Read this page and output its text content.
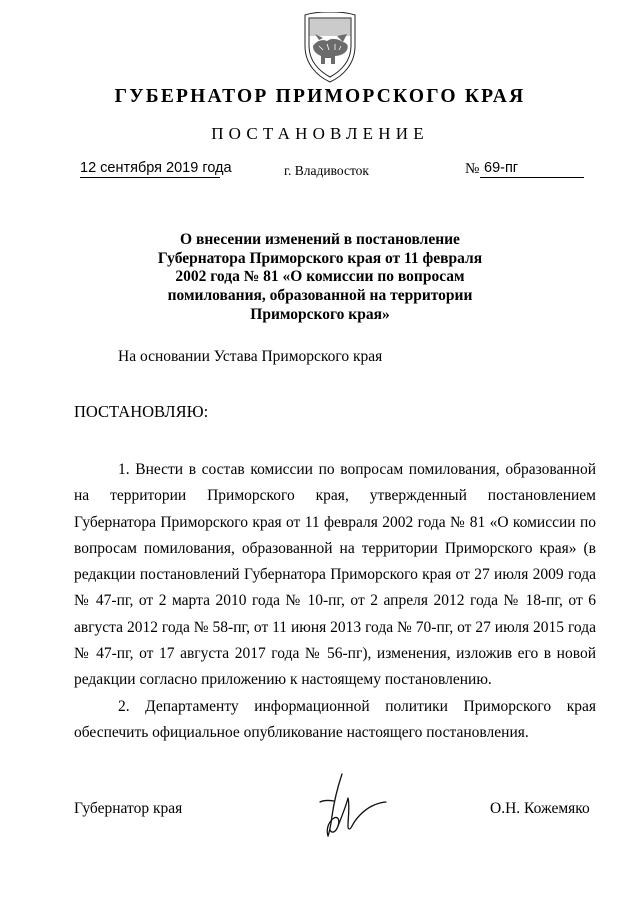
ГУБЕРНАТОР ПРИМОРСКОГО КРАЯ
ПОСТАНОВЛЕНИЕ
12 сентября 2019 года	г. Владивосток	№ 69-пг
О внесении изменений в постановление
Губернатора Приморского края от 11 февраля
2002 года № 81 «О комиссии по вопросам
помилования, образованной на территории
Приморского края»
На основании Устава Приморского края
ПОСТАНОВЛЯЮ:
1. Внести в состав комиссии по вопросам помилования, образованной на территории Приморского края, утвержденный постановлением Губернатора Приморского края от 11 февраля 2002 года № 81 «О комиссии по вопросам помилования, образованной на территории Приморского края» (в редакции постановлений Губернатора Приморского края от 27 июля 2009 года № 47-пг, от 2 марта 2010 года № 10-пг, от 2 апреля 2012 года № 18-пг, от 6 августа 2012 года № 58-пг, от 11 июня 2013 года № 70-пг, от 27 июля 2015 года № 47-пг, от 17 августа 2017 года № 56-пг), изменения, изложив его в новой редакции согласно приложению к настоящему постановлению.
2. Департаменту информационной политики Приморского края обеспечить официальное опубликование настоящего постановления.
Губернатор края	О.Н. Кожемяко
